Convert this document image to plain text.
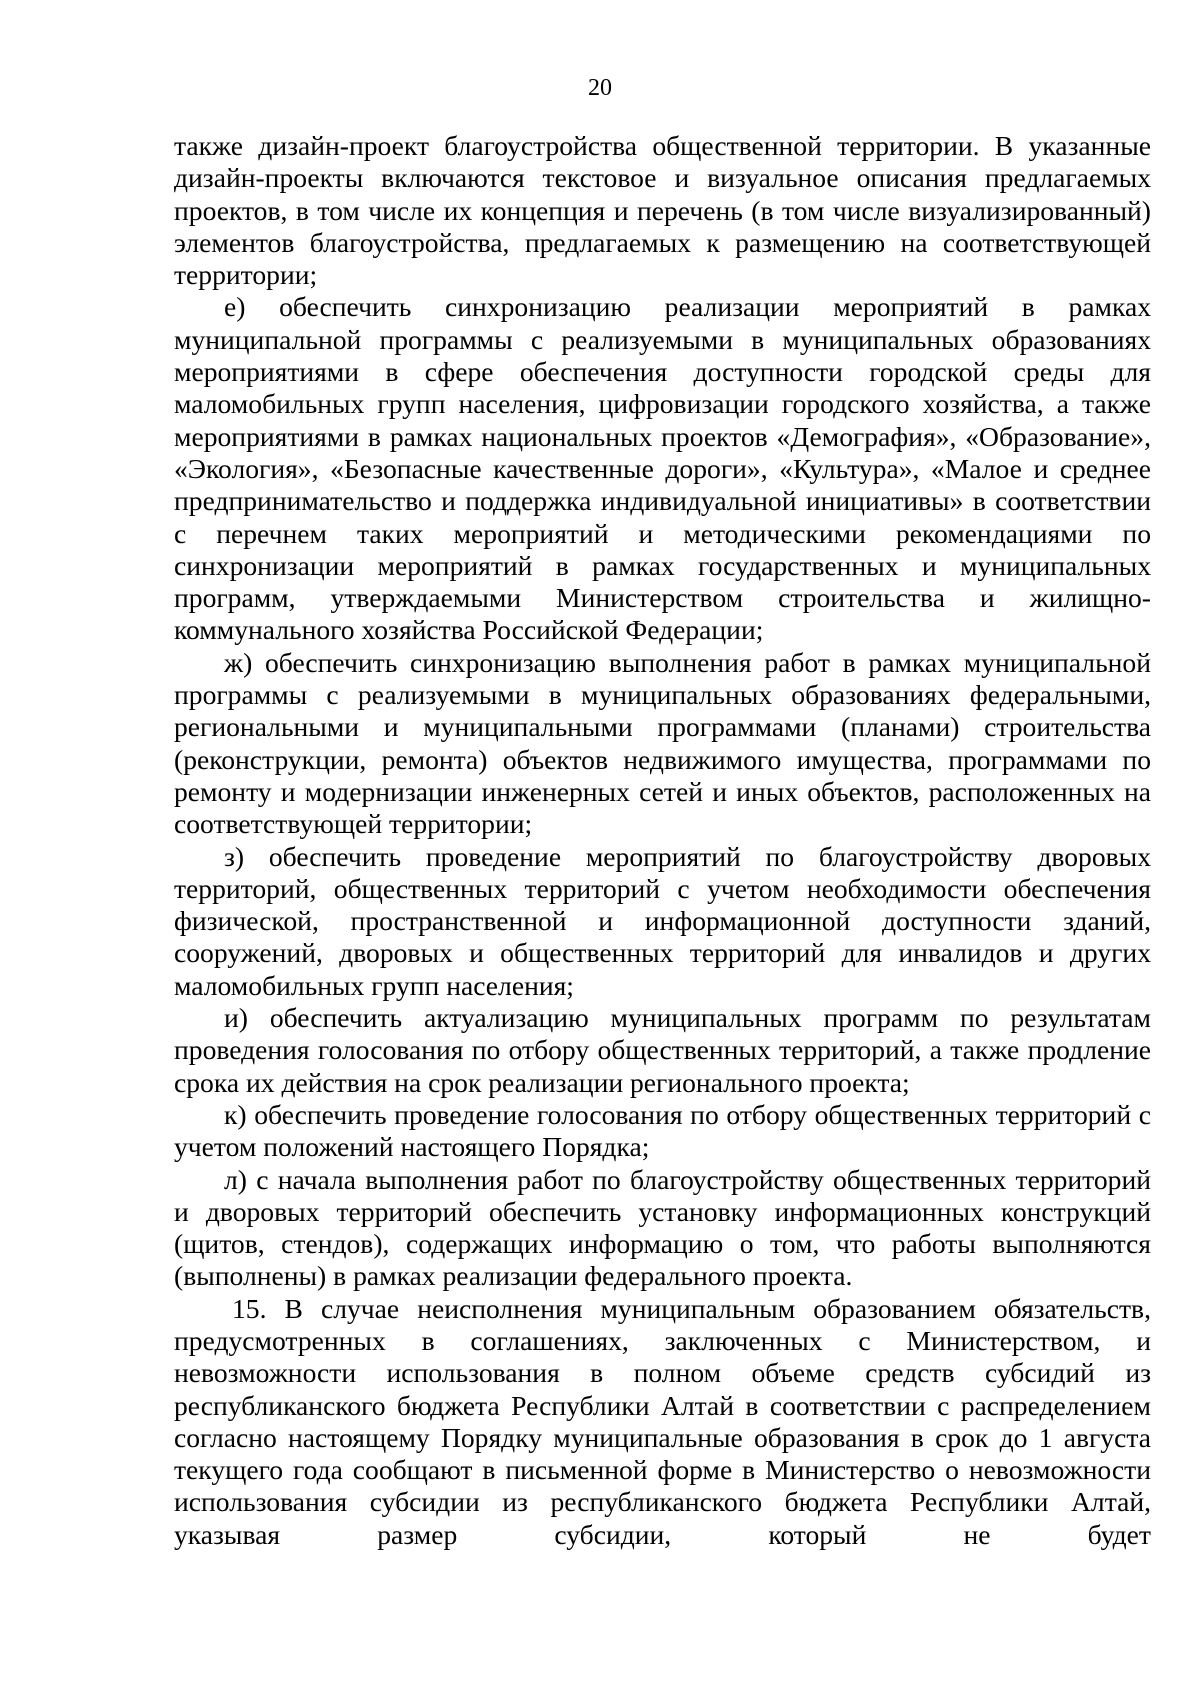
20

также дизайн-проект благоустройства общественной территории. В указанные дизайн-проекты включаются текстовое и визуальное описания предлагаемых проектов, в том числе их концепция и перечень (в том числе визуализированный) элементов благоустройства, предлагаемых к размещению на соответствующей территории;

е) обеспечить синхронизацию реализации мероприятий в рамках муниципальной программы с реализуемыми в муниципальных образованиях мероприятиями в сфере обеспечения доступности городской среды для маломобильных групп населения, цифровизации городского хозяйства, а также мероприятиями в рамках национальных проектов «Демография», «Образование», «Экология», «Безопасные качественные дороги», «Культура», «Малое и среднее предпринимательство и поддержка индивидуальной инициативы» в соответствии с перечнем таких мероприятий и методическими рекомендациями по синхронизации мероприятий в рамках государственных и муниципальных программ, утверждаемыми Министерством строительства и жилищно-коммунального хозяйства Российской Федерации;

ж) обеспечить синхронизацию выполнения работ в рамках муниципальной программы с реализуемыми в муниципальных образованиях федеральными, региональными и муниципальными программами (планами) строительства (реконструкции, ремонта) объектов недвижимого имущества, программами по ремонту и модернизации инженерных сетей и иных объектов, расположенных на соответствующей территории;

з) обеспечить проведение мероприятий по благоустройству дворовых территорий, общественных территорий с учетом необходимости обеспечения физической, пространственной и информационной доступности зданий, сооружений, дворовых и общественных территорий для инвалидов и других маломобильных групп населения;

и) обеспечить актуализацию муниципальных программ по результатам проведения голосования по отбору общественных территорий, а также продление срока их действия на срок реализации регионального проекта;

к) обеспечить проведение голосования по отбору общественных территорий с учетом положений настоящего Порядка;

л) с начала выполнения работ по благоустройству общественных территорий и дворовых территорий обеспечить установку информационных конструкций (щитов, стендов), содержащих информацию о том, что работы выполняются (выполнены) в рамках реализации федерального проекта.

15. В случае неисполнения муниципальным образованием обязательств, предусмотренных в соглашениях, заключенных с Министерством, и невозможности использования в полном объеме средств субсидий из республиканского бюджета Республики Алтай в соответствии с распределением согласно настоящему Порядку муниципальные образования в срок до 1 августа текущего года сообщают в письменной форме в Министерство о невозможности использования субсидии из республиканского бюджета Республики Алтай, указывая размер субсидии, который не будет
